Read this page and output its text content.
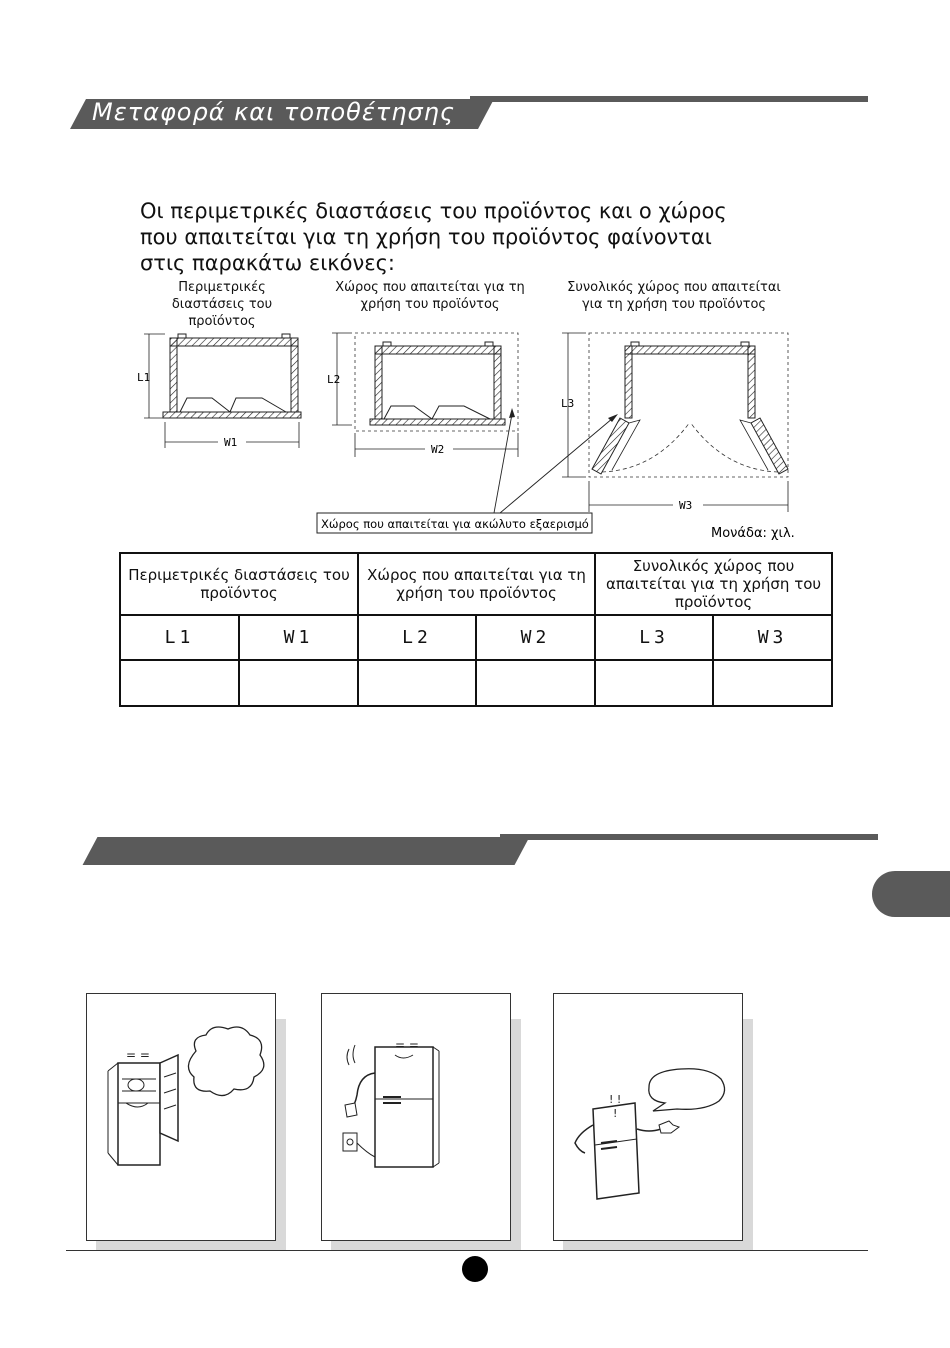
Μεταφορά και τοποθέτησης
Οι περιμετρικές διαστάσεις του προϊόντος και ο χώρος που απαιτείται για τη χρήση του προϊόντος φαίνονται στις παρακάτω εικόνες:
Περιμετρικές διαστάσεις του προϊόντος
Χώρος που απαιτείται για τη χρήση του προϊόντος
Συνολικός χώρος που απαιτείται για τη χρήση του προϊόντος
L1
W1
L2
W2
L3
W3
Χώρος που απαιτείται για ακώλυτο εξαερισμό
Μονάδα: χιλ.
Περιμετρικές διαστάσεις του προϊόντος		Χώρος που απαιτείται για τη χρήση του προϊόντος		Συνολικός χώρος που απαιτείται για τη χρήση του προϊόντος	
L1	W1	L2	W2	L3	W3

= =
= =
! !
!
